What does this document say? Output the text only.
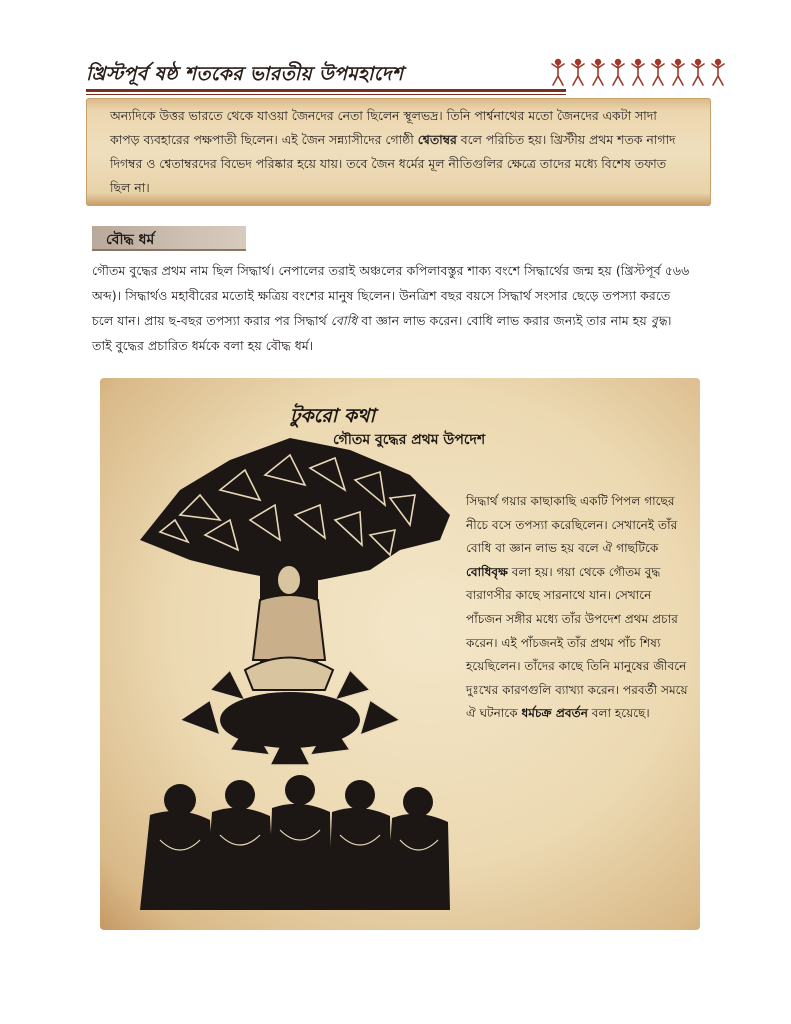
খ্রিস্টপূর্ব ষষ্ঠ শতকের ভারতীয় উপমহাদেশ
অন্যদিকে উত্তর ভারতে থেকে যাওয়া জৈনদের নেতা ছিলেন স্থূলভদ্র। তিনি পার্শ্বনাথের মতো জৈনদের একটা সাদা কাপড় ব্যবহারের পক্ষপাতী ছিলেন। এই জৈন সন্ন্যাসীদের গোষ্ঠী শ্বেতাম্বর বলে পরিচিত হয়। খ্রিস্টীয় প্রথম শতক নাগাদ দিগম্বর ও শ্বেতাম্বরদের বিভেদ পরিষ্কার হয়ে যায়। তবে জৈন ধর্মের মূল নীতিগুলির ক্ষেত্রে তাদের মধ্যে বিশেষ তফাত ছিল না।
বৌদ্ধ ধর্ম
গৌতম বুদ্ধের প্রথম নাম ছিল সিদ্ধার্থ। নেপালের তরাই অঞ্চলের কপিলাবস্তুর শাক্য বংশে সিদ্ধার্থের জন্ম হয় (খ্রিস্টপূর্ব ৫৬৬ অব্দ)। সিদ্ধার্থও মহাবীরের মতোই ক্ষত্রিয় বংশের মানুষ ছিলেন। উনত্রিশ বছর বয়সে সিদ্ধার্থ সংসার ছেড়ে তপস্যা করতে চলে যান। প্রায় ছ-বছর তপস্যা করার পর সিদ্ধার্থ বোধি বা জ্ঞান লাভ করেন। বোধি লাভ করার জন্যই তার নাম হয় বুদ্ধ। তাই বুদ্ধের প্রচারিত ধর্মকে বলা হয় বৌদ্ধ ধর্ম।
টুকরো কথা
গৌতম বুদ্ধের প্রথম উপদেশ
সিদ্ধার্থ গয়ার কাছাকাছি একটি পিপল গাছের নীচে বসে তপস্যা করেছিলেন। সেখানেই তাঁর বোধি বা জ্ঞান লাভ হয় বলে ঐ গাছটিকে বোধিবৃক্ষ বলা হয়। গয়া থেকে গৌতম বুদ্ধ বারাণসীর কাছে সারনাথে যান। সেখানে পাঁচজন সঙ্গীর মধ্যে তাঁর উপদেশ প্রথম প্রচার করেন। এই পাঁচজনই তাঁর প্রথম পাঁচ শিষ্য হয়েছিলেন। তাঁদের কাছে তিনি মানুষের জীবনে দুঃখের কারণগুলি ব্যাখ্যা করেন। পরবর্তী সময়ে ঐ ঘটনাকে ধর্মচক্র প্রবর্তন বলা হয়েছে।
